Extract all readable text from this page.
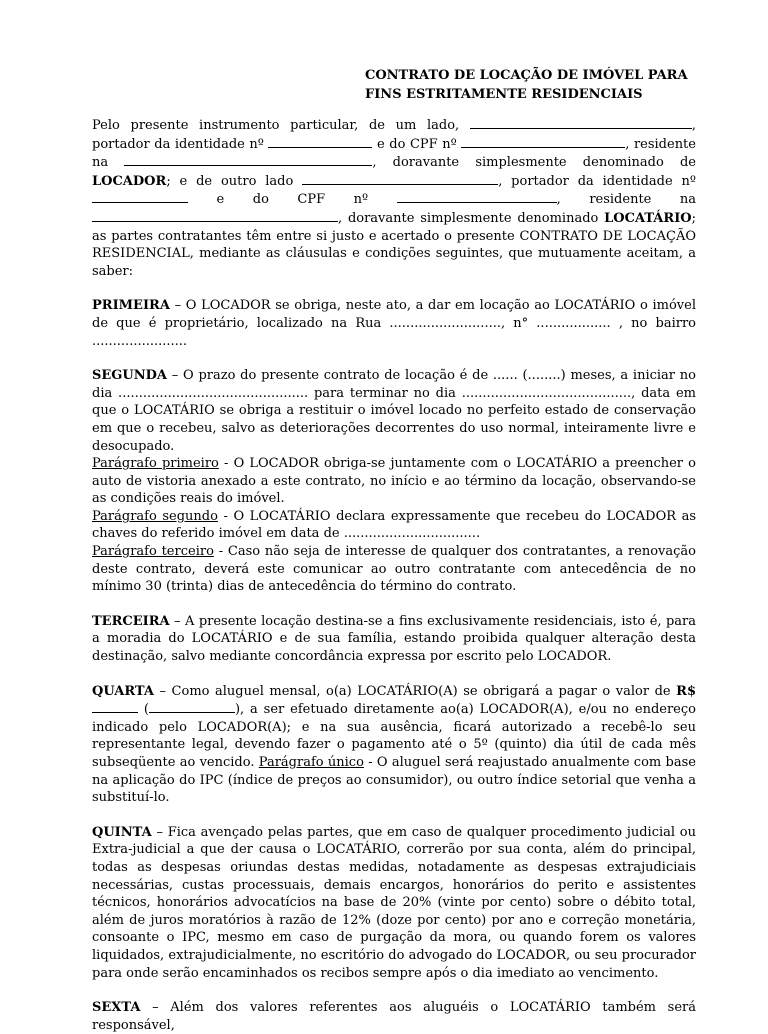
CONTRATO DE LOCAÇÃO DE IMÓVEL PARA
FINS ESTRITAMENTE RESIDENCIAIS

Pelo presente instrumento particular, de um lado,	, portador da identidade nº	e do CPF nº	, residente na	, doravante simplesmente denominado de LOCADOR; e de outro lado	, portador da identidade nº  e do CPF nº	, residente na , doravante simplesmente denominado LOCATÁRIO; as partes contratantes têm entre si justo e acertado o presente CONTRATO DE LOCAÇÃO RESIDENCIAL, mediante as cláusulas e condições seguintes, que mutuamente aceitam, a saber:

PRIMEIRA – O LOCADOR se obriga, neste ato, a dar em locação ao LOCATÁRIO o imóvel de que é proprietário, localizado na Rua ..........................., n° .................. , no bairro .......................

SEGUNDA – O prazo do presente contrato de locação é de ...... (........) meses, a iniciar no dia .............................................. para terminar no dia ........................................., data em que o LOCATÁRIO se obriga a restituir o imóvel locado no perfeito estado de conservação em que o recebeu, salvo as deteriorações decorrentes do uso normal, inteiramente livre e desocupado.
Parágrafo primeiro - O LOCADOR obriga-se juntamente com o LOCATÁRIO a preencher o auto de vistoria anexado a este contrato, no início e ao término da locação, observando-se as condições reais do imóvel.
Parágrafo segundo - O LOCATÁRIO declara expressamente que recebeu do LOCADOR as chaves do referido imóvel em data de .................................
Parágrafo terceiro - Caso não seja de interesse de qualquer dos contratantes, a renovação deste contrato, deverá este comunicar ao outro contratante com antecedência de no mínimo 30 (trinta) dias de antecedência do término do contrato.

TERCEIRA – A presente locação destina-se a fins exclusivamente residenciais, isto é, para a moradia do LOCATÁRIO e de sua família, estando proibida qualquer alteração desta destinação, salvo mediante concordância expressa por escrito pelo LOCADOR.

QUARTA – Como aluguel mensal, o(a) LOCATÁRIO(A) se obrigará a pagar o valor de R$  (	), a ser efetuado diretamente ao(a) LOCADOR(A), e/ou no endereço indicado pelo LOCADOR(A); e na sua ausência, ficará autorizado a recebê-lo seu representante legal, devendo fazer o pagamento até o 5º (quinto) dia útil de cada mês subseqüente ao vencido. Parágrafo único - O aluguel será reajustado anualmente com base na aplicação do IPC (índice de preços ao consumidor), ou outro índice setorial que venha a substituí-lo.

QUINTA – Fica avençado pelas partes, que em caso de qualquer procedimento judicial ou Extra-judicial a que der causa o LOCATÁRIO, correrão por sua conta, além do principal, todas as despesas oriundas destas medidas, notadamente as despesas extrajudiciais necessárias, custas processuais, demais encargos, honorários do perito e assistentes técnicos, honorários advocatícios na base de 20% (vinte por cento) sobre o débito total, além de juros moratórios à razão de 12% (doze por cento) por ano e correção monetária, consoante o IPC, mesmo em caso de purgação da mora, ou quando forem os valores liquidados, extrajudicialmente, no escritório do advogado do LOCADOR, ou seu procurador para onde serão encaminhados os recibos sempre após o dia imediato ao vencimento.

SEXTA – Além dos valores referentes aos aluguéis o LOCATÁRIO também será responsável,
